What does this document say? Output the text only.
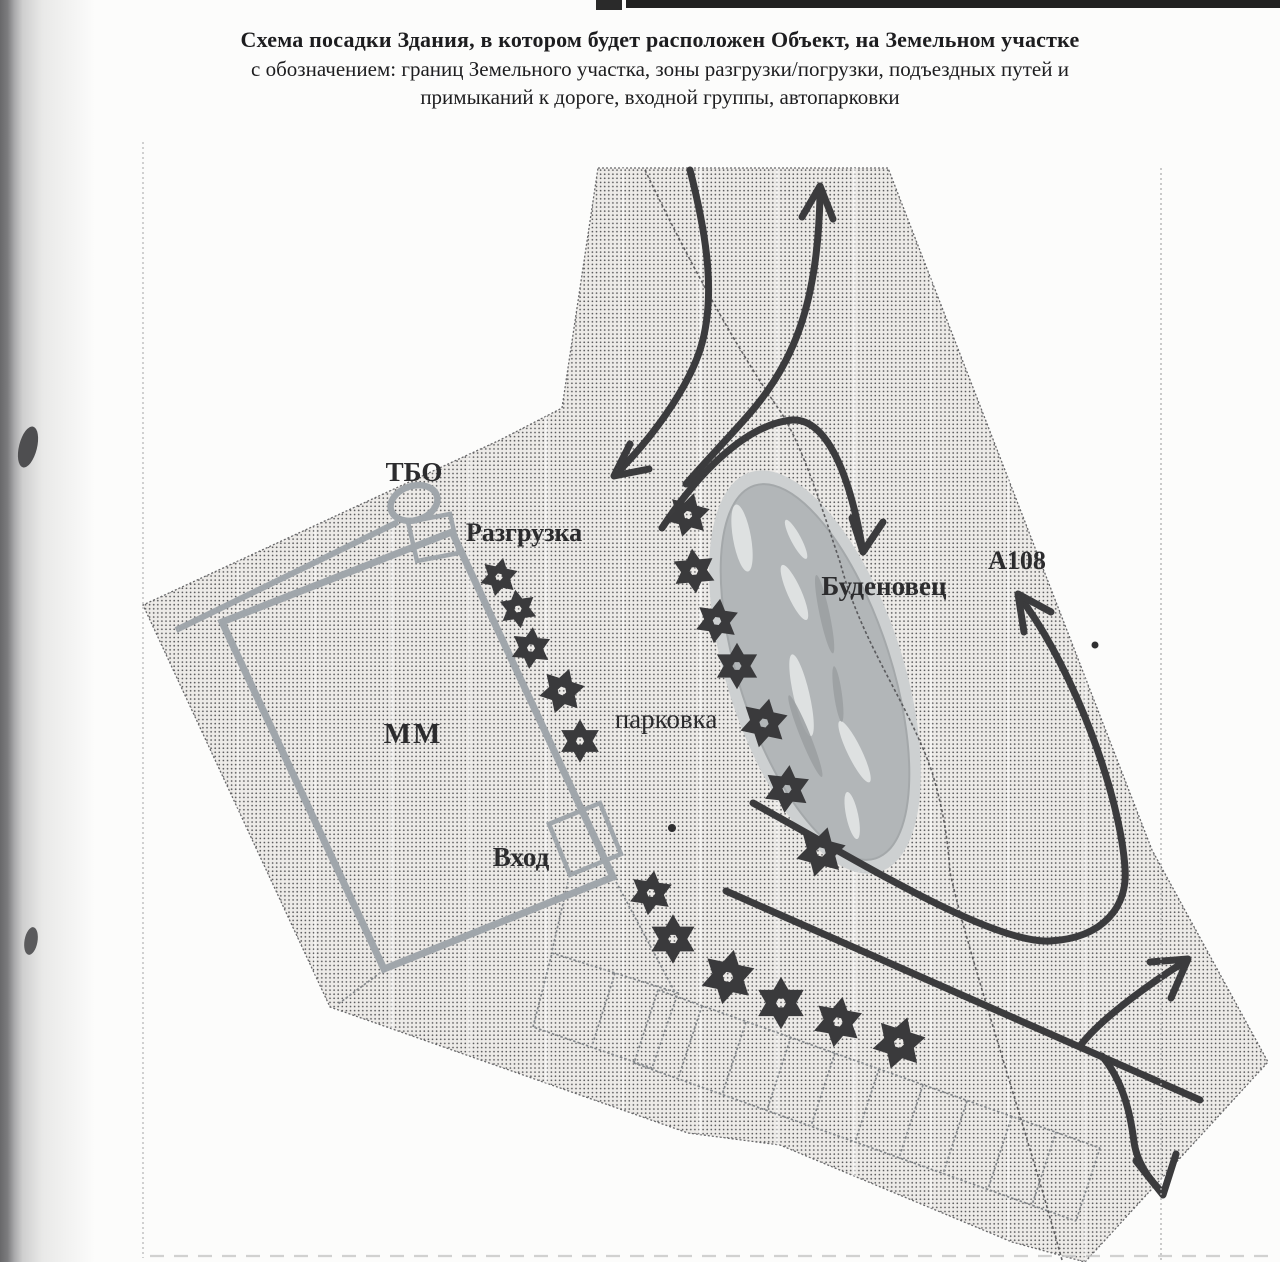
Схема посадки Здания, в котором будет расположен Объект, на Земельном участке
с обозначением: границ Земельного участка, зоны разгрузки/погрузки, подъездных путей и
примыканий к дороге, входной группы, автопарковки
ТБО
Разгрузка
ММ
Вход
парковка
Буденовец
А108
